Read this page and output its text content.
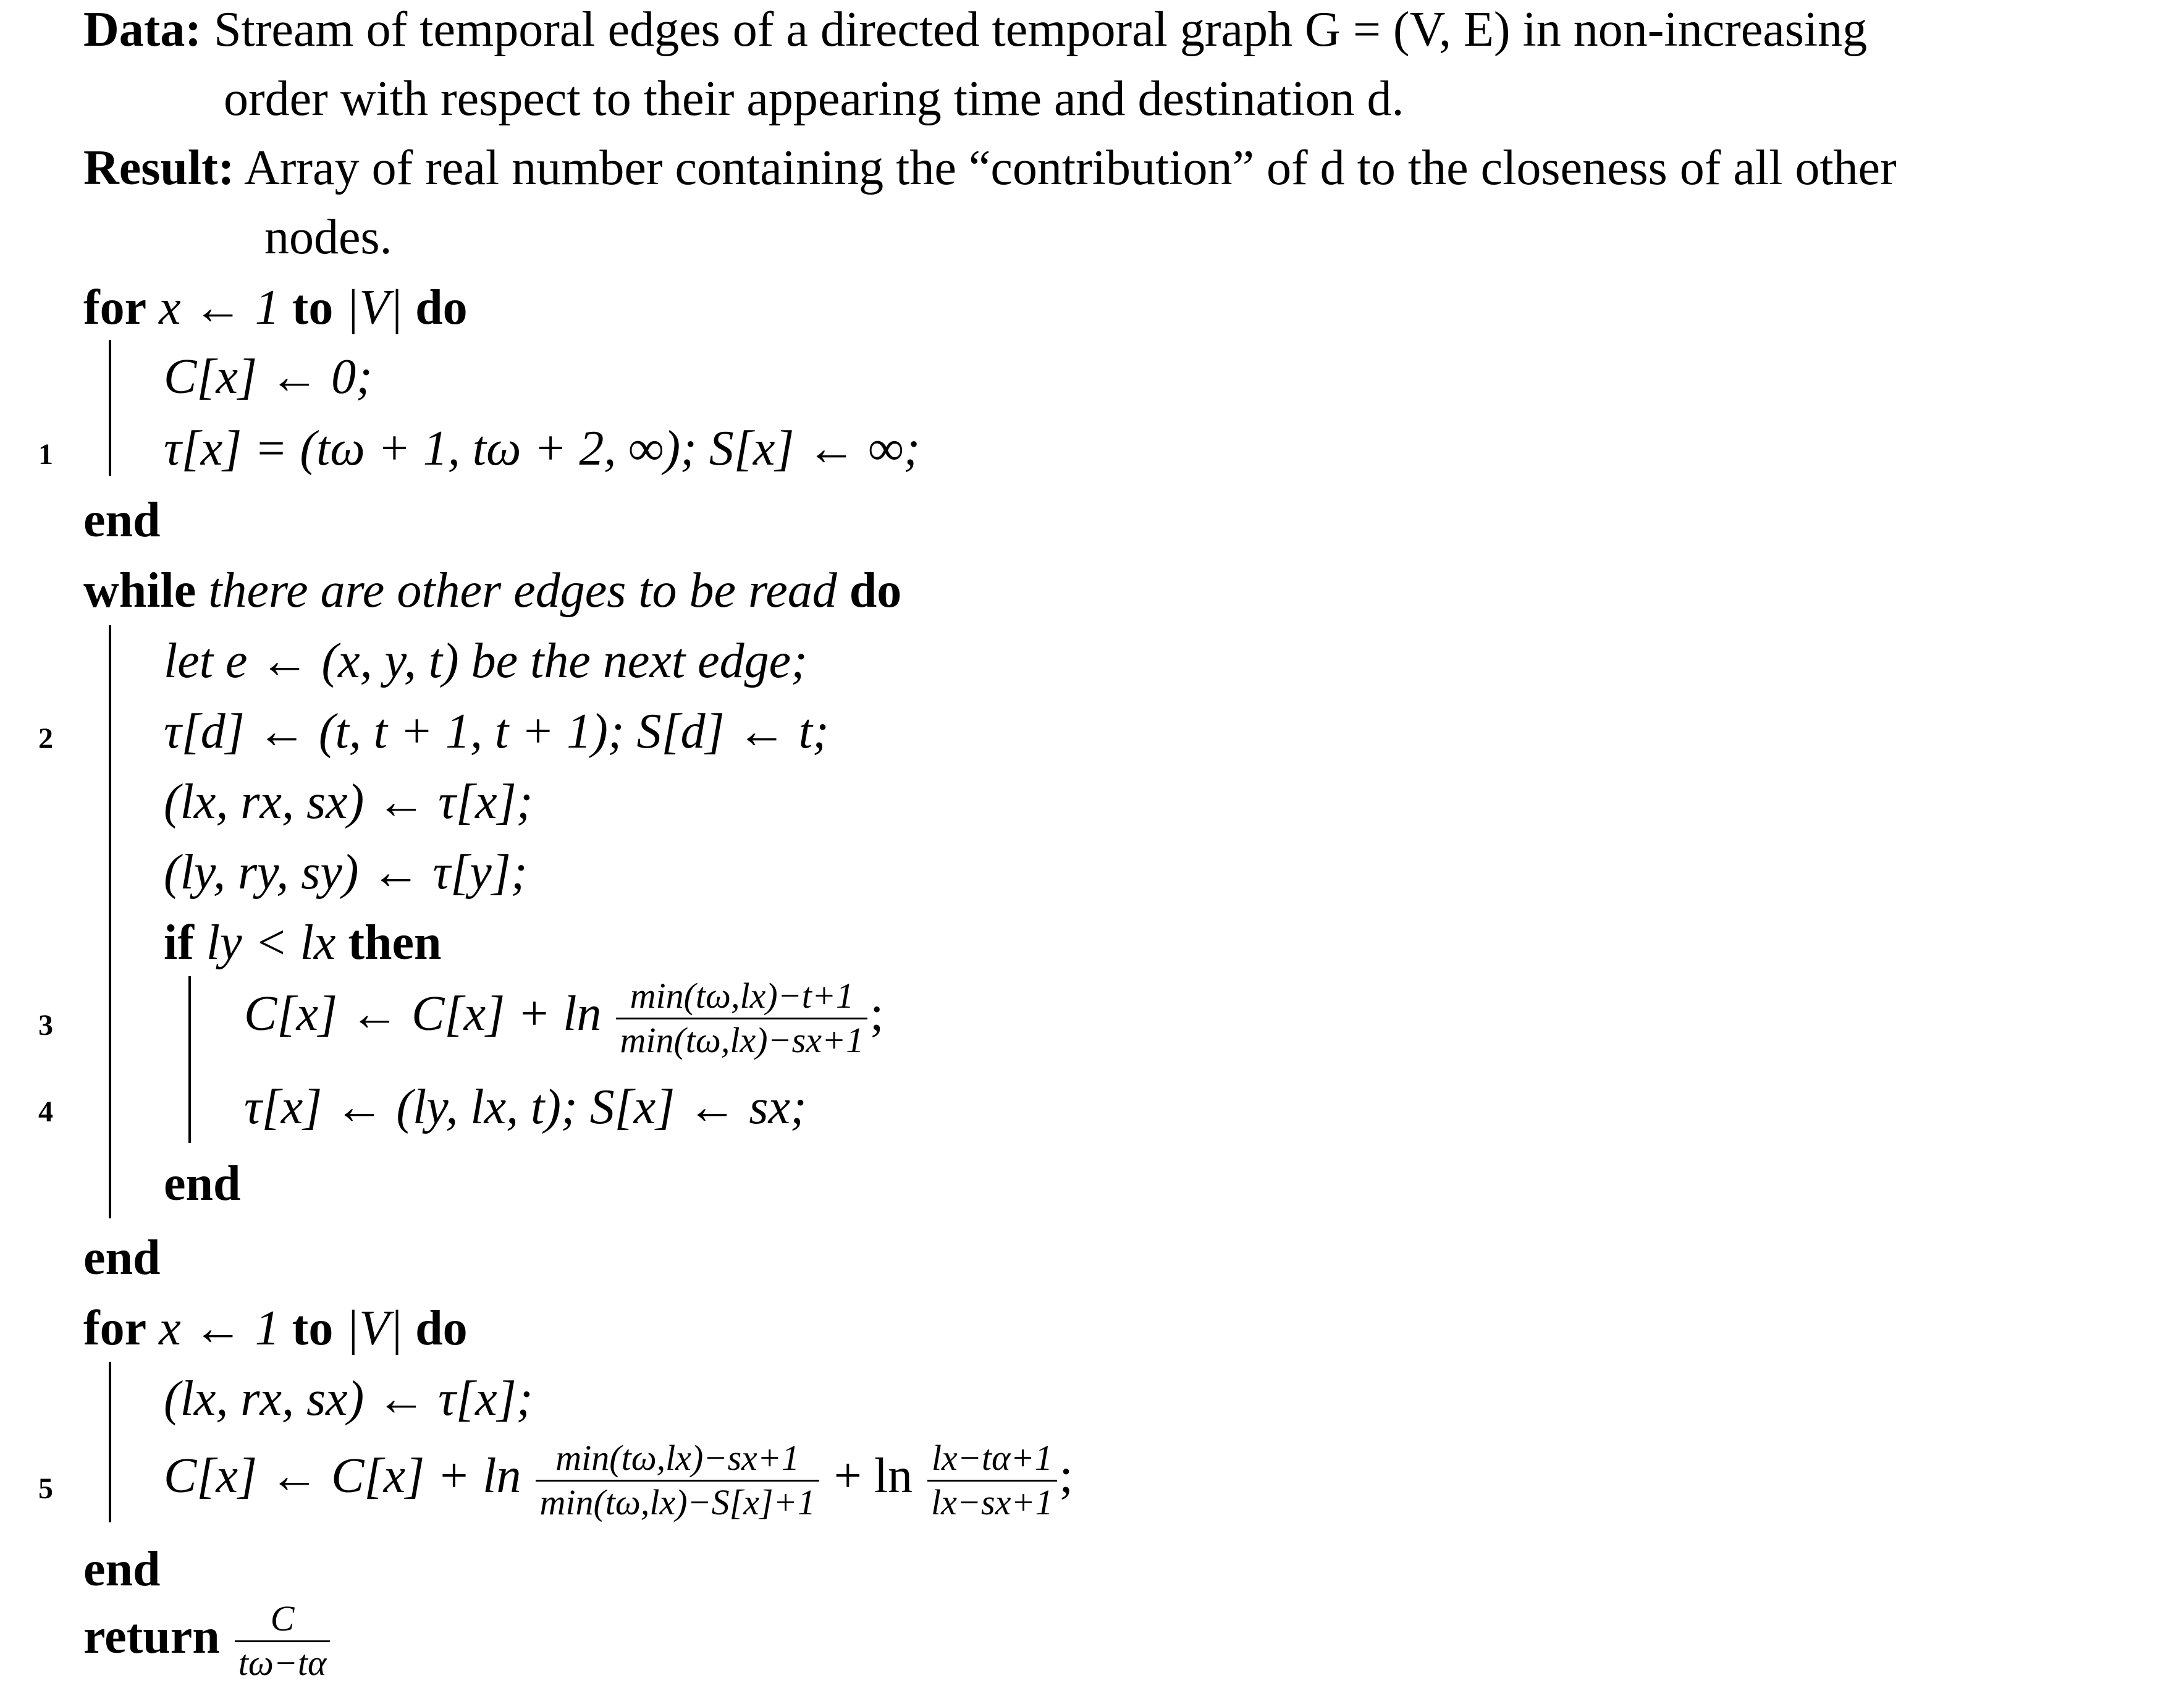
Data: Stream of temporal edges of a directed temporal graph G = (V, E) in non-increasing
order with respect to their appearing time and destination d.
Result: Array of real number containing the “contribution” of d to the closeness of all other
nodes.
for x ← 1 to |V| do
C[x] ← 0;
1 τ[x] = (tω + 1, tω + 2, ∞); S[x] ← ∞;
end
while there are other edges to be read do
let e ← (x, y, t) be the next edge;
2 τ[d] ← (t, t + 1, t + 1); S[d] ← t;
(lx, rx, sx) ← τ[x];
(ly, ry, sy) ← τ[y];
if ly < lx then
3	C[x] ← $C[x] + \ln \frac{\min(t\omega,lx)-t+1}{\min(t\omega,lx)-sx+1}$ ;
4	τ[x] ← (ly, lx, t); S[x] ← sx;
end
end
for x ← 1 to |V| do
(lx, rx, sx) ← τ[x];
5 C[x] ← $C[x] + \ln \frac{\min(t\omega,lx)-sx+1}{\min(t\omega,lx)-S[x]+1} + \ln \frac{lx-t\alpha+1}{lx-sx+1}$ ;
end
return $\frac{C}{t\omega-t\alpha}$
